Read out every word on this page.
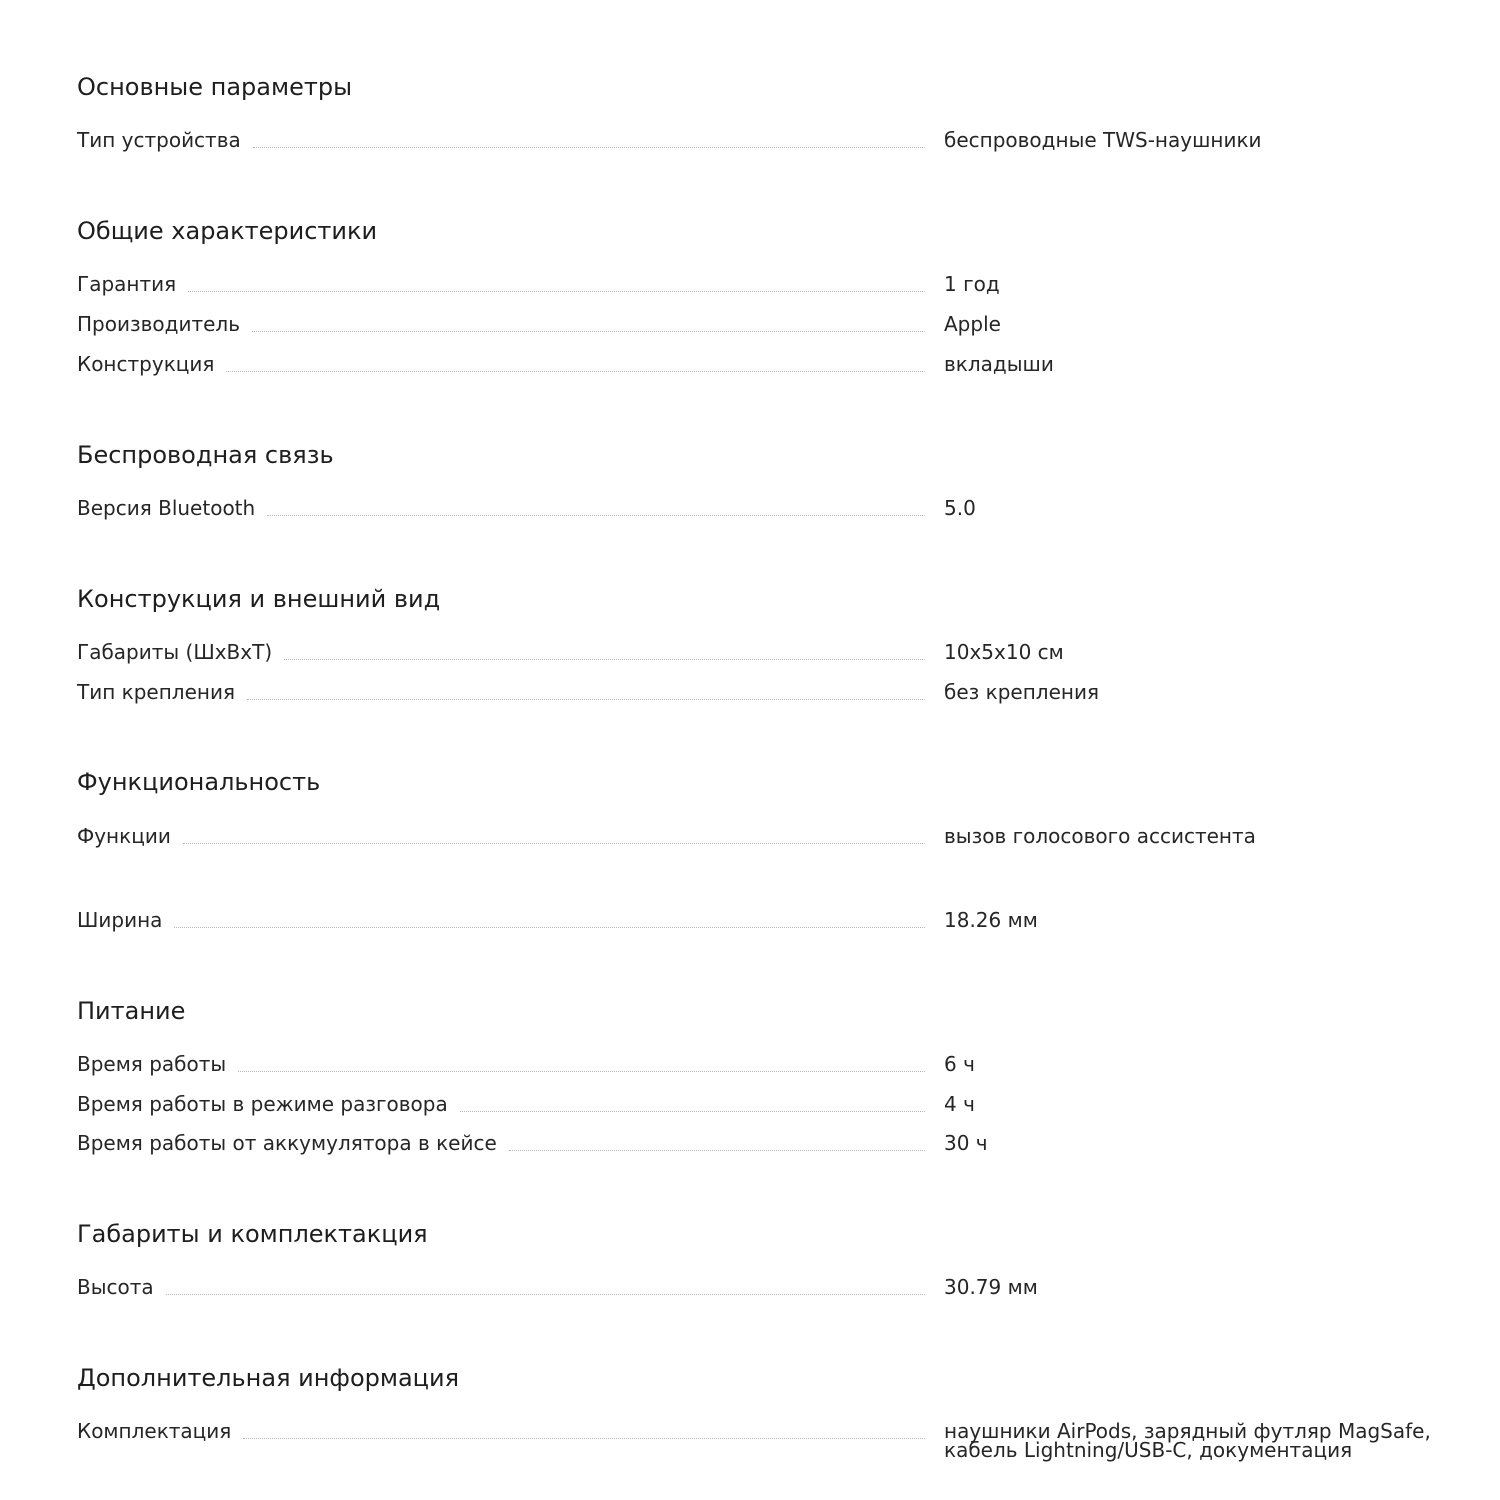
Основные параметры
Тип устройства	беспроводные TWS-наушники
Общие характеристики
Гарантия	1 год
Производитель	Apple
Конструкция	вкладыши
Беспроводная связь
Версия Bluetooth	5.0
Конструкция и внешний вид
Габариты (ШxВxТ)	10x5x10 см
Тип крепления	без крепления
Функциональность
Функции	вызов голосового ассистента
Ширина	18.26 мм
Питание
Время работы	6 ч
Время работы в режиме разговора	4 ч
Время работы от аккумулятора в кейсе	30 ч
Габариты и комплектакция
Высота	30.79 мм
Дополнительная информация
Комплектация	наушники AirPods, зарядный футляр MagSafe, кабель Lightning/USB-C, документация
